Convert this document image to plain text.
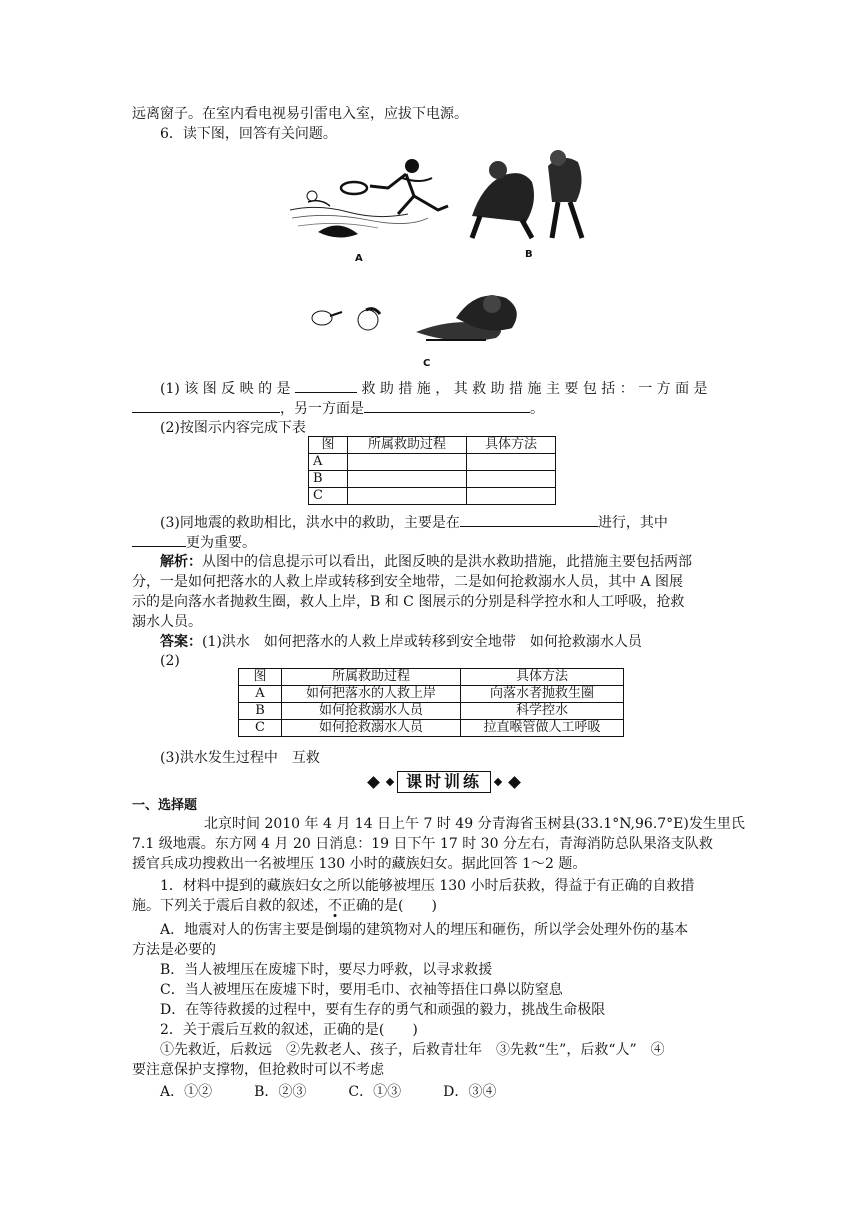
远离窗子。在室内看电视易引雷电入室，应拔下电源。
6．读下图，回答有关问题。
A	B
C
(1) 该 图 反 映 的 是	救 助 措 施 ， 其 救 助 措 施 主 要 包 括 ： 一 方 面 是
，另一方面是	。
(2)按图示内容完成下表
图	所属救助过程	具体方法
A		
B		
C		
(3)同地震的救助相比，洪水中的救助，主要是在	进行，其中
更为重要。
解析：从图中的信息提示可以看出，此图反映的是洪水救助措施，此措施主要包括两部
分，一是如何把落水的人救上岸或转移到安全地带，二是如何抢救溺水人员，其中 A 图展
示的是向落水者抛救生圈，救人上岸，B 和 C 图展示的分别是科学控水和人工呼吸，抢救
溺水人员。
答案：(1)洪水　如何把落水的人救上岸或转移到安全地带　如何抢救溺水人员
(2)
图	所属救助过程	具体方法
A	如何把落水的人救上岸	向落水者抛救生圈
B	如何抢救溺水人员	科学控水
C	如何抢救溺水人员	拉直喉管做人工呼吸
(3)洪水发生过程中　互救
课时训练
一、选择题
北京时间 2010 年 4 月 14 日上午 7 时 49 分青海省玉树县(33.1°N,96.7°E)发生里氏
7.1 级地震。东方网 4 月 20 日消息：19 日下午 17 时 30 分左右，青海消防总队果洛支队救
援官兵成功搜救出一名被埋压 130 小时的藏族妇女。据此回答 1～2 题。
1．材料中提到的藏族妇女之所以能够被埋压 130 小时后获救，得益于有正确的自救措
施。下列关于震后自救的叙述，不正确的是(　　)
A．地震对人的伤害主要是倒塌的建筑物对人的埋压和砸伤，所以学会处理外伤的基本
方法是必要的
B．当人被埋压在废墟下时，要尽力呼救，以寻求救援
C．当人被埋压在废墟下时，要用毛巾、衣袖等捂住口鼻以防窒息
D．在等待救援的过程中，要有生存的勇气和顽强的毅力，挑战生命极限
2．关于震后互救的叙述，正确的是(　　)
①先救近，后救远　②先救老人、孩子，后救青壮年　③先救“生”，后救“人”　④
要注意保护支撑物，但抢救时可以不考虑
A．①②　　　B．②③　　　C．①③　　　D．③④
